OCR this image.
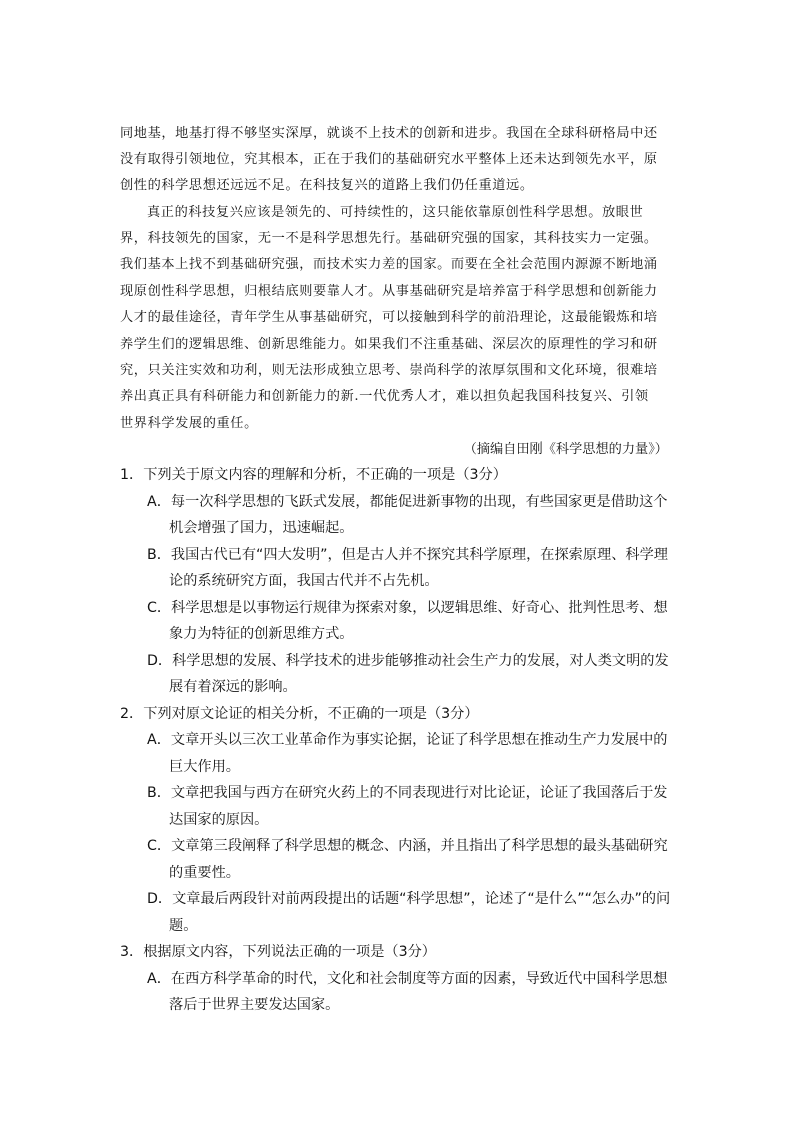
同地基，地基打得不够坚实深厚，就谈不上技术的创新和进步。我国在全球科研格局中还
没有取得引领地位，究其根本，正在于我们的基础研究水平整体上还未达到领先水平，原
创性的科学思想还远远不足。在科技复兴的道路上我们仍任重道远。
真正的科技复兴应该是领先的、可持续性的，这只能依靠原创性科学思想。放眼世
界，科技领先的国家，无一不是科学思想先行。基础研究强的国家，其科技实力一定强。
我们基本上找不到基础研究强，而技术实力差的国家。而要在全社会范围内源源不断地涌
现原创性科学思想，归根结底则要靠人才。从事基础研究是培养富于科学思想和创新能力
人才的最佳途径，青年学生从事基础研究，可以接触到科学的前沿理论，这最能锻炼和培
养学生们的逻辑思维、创新思维能力。如果我们不注重基础、深层次的原理性的学习和研
究，只关注实效和功利，则无法形成独立思考、崇尚科学的浓厚氛围和文化环境，很难培
养出真正具有科研能力和创新能力的新.一代优秀人才，难以担负起我国科技复兴、引领
世界科学发展的重任。
（摘编自田刚《科学思想的力量》）
1．下列关于原文内容的理解和分析，不正确的一项是（3分）
A．每一次科学思想的飞跃式发展，都能促进新事物的出现，有些国家更是借助这个
机会增强了国力，迅速崛起。
B．我国古代已有“四大发明”，但是古人并不探究其科学原理，在探索原理、科学理
论的系统研究方面，我国古代并不占先机。
C．科学思想是以事物运行规律为探索对象，以逻辑思维、好奇心、批判性思考、想
象力为特征的创新思维方式。
D．科学思想的发展、科学技术的进步能够推动社会生产力的发展，对人类文明的发
展有着深远的影响。
2．下列对原文论证的相关分析，不正确的一项是（3分）
A．文章开头以三次工业革命作为事实论据，论证了科学思想在推动生产力发展中的
巨大作用。
B．文章把我国与西方在研究火药上的不同表现进行对比论证，论证了我国落后于发
达国家的原因。
C．文章第三段阐释了科学思想的概念、内涵，并且指出了科学思想的最头基础研究
的重要性。
D．文章最后两段针对前两段提出的话题“科学思想”，论述了“是什么”“怎么办”的问
题。
3．根据原文内容，下列说法正确的一项是（3分）
A．在西方科学革命的时代，文化和社会制度等方面的因素，导致近代中国科学思想
落后于世界主要发达国家。
